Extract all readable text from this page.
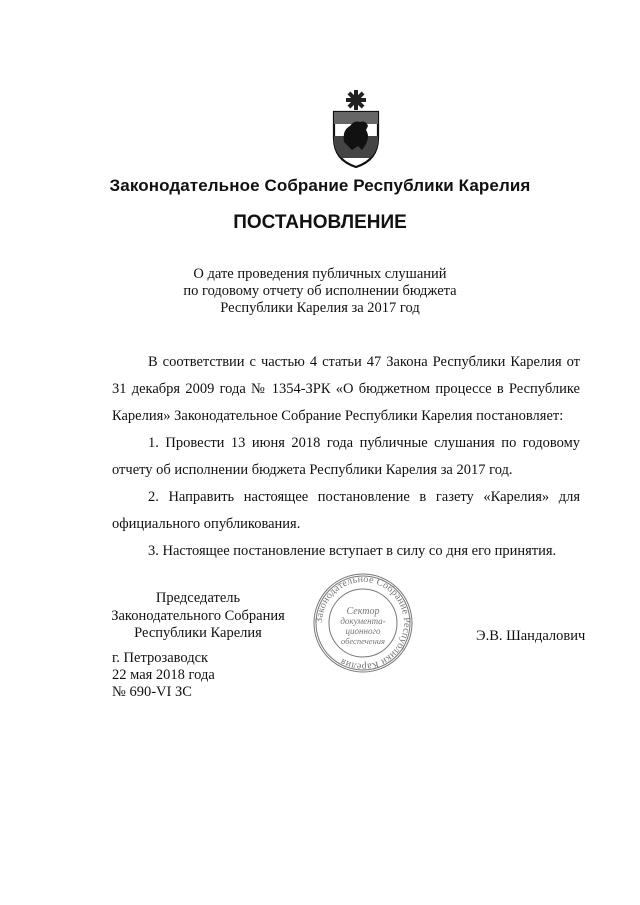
Законодательное Собрание Республики Карелия
ПОСТАНОВЛЕНИЕ
О дате проведения публичных слушаний
по годовому отчету об исполнении бюджета
Республики Карелия за 2017 год

В соответствии с частью 4 статьи 47 Закона Республики Карелия от 31 декабря 2009 года № 1354-ЗРК «О бюджетном процессе в Республике Карелия» Законодательное Собрание Республики Карелия постановляет:

1. Провести 13 июня 2018 года публичные слушания по годовому отчету об исполнении бюджета Республики Карелия за 2017 год.

2. Направить настоящее постановление в газету «Карелия» для официального опубликования.

3. Настоящее постановление вступает в силу со дня его принятия.

Председатель
Законодательного Собрания
Республики Карелия
Законодательное Собрание Республики Карелия
Сектор
документа-
ционного
обеспечения	Э.В. Шандалович
г. Петрозаводск
22 мая 2018 года
№ 690-VI ЗС
